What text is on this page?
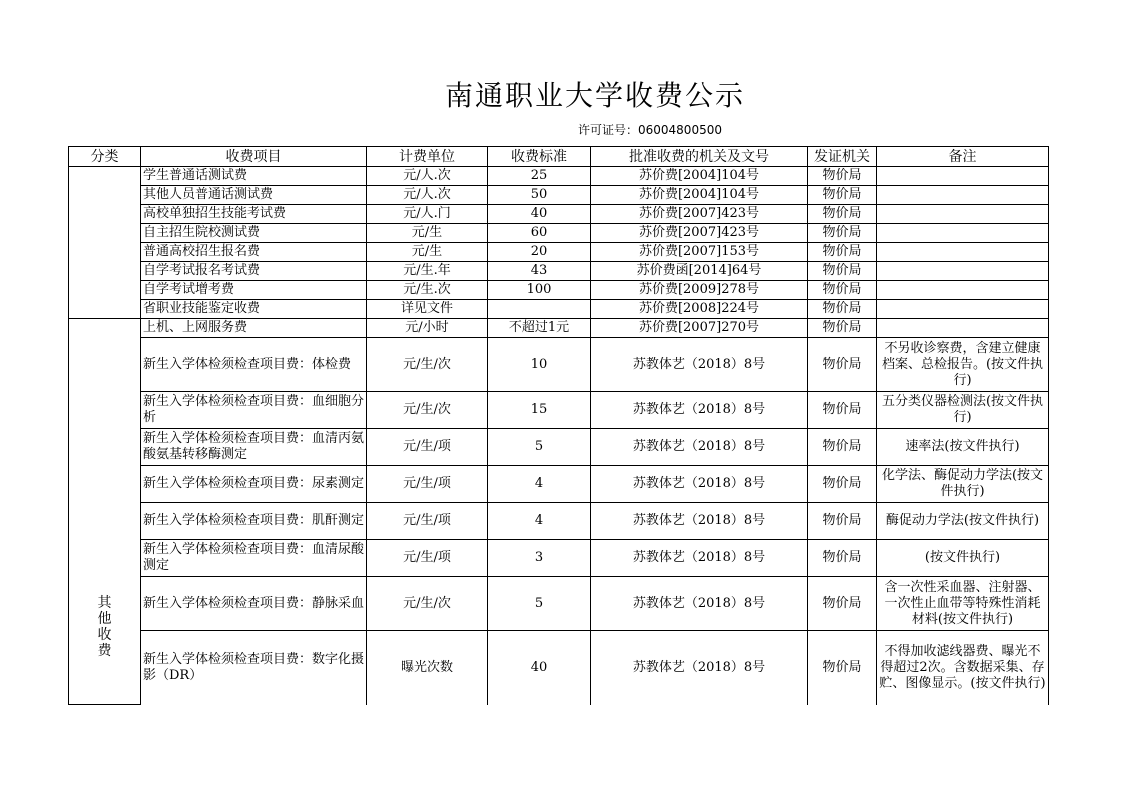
南通职业大学收费公示
许可证号：06004800500
分类	收费项目	计费单位	收费标准	批准收费的机关及文号	发证机关	备注
	学生普通话测试费	元/人.次	25	苏价费[2004]104号	物价局	
	其他人员普通话测试费	元/人.次	50	苏价费[2004]104号	物价局	
	高校单独招生技能考试费	元/人.门	40	苏价费[2007]423号	物价局	
	自主招生院校测试费	元/生	60	苏价费[2007]423号	物价局	
	普通高校招生报名费	元/生	20	苏价费[2007]153号	物价局	
	自学考试报名考试费	元/生.年	43	苏价费函[2014]64号	物价局	
	自学考试增考费	元/生.次	100	苏价费[2009]278号	物价局	
	省职业技能鉴定收费	详见文件		苏价费[2008]224号	物价局	

其他收费	上机、上网服务费	元/小时	不超过1元	苏价费[2007]270号	物价局	
	新生入学体检须检查项目费：体检费	元/生/次	10	苏教体艺（2018）8号	物价局	不另收诊察费，含建立健康档案、总检报告。(按文件执行)
	新生入学体检须检查项目费：血细胞分析	元/生/次	15	苏教体艺（2018）8号	物价局	五分类仪器检测法(按文件执行)
	新生入学体检须检查项目费：血清丙氨酸氨基转移酶测定	元/生/项	5	苏教体艺（2018）8号	物价局	速率法(按文件执行)
	新生入学体检须检查项目费：尿素测定	元/生/项	4	苏教体艺（2018）8号	物价局	化学法、酶促动力学法(按文件执行)
	新生入学体检须检查项目费：肌酐测定	元/生/项	4	苏教体艺（2018）8号	物价局	酶促动力学法(按文件执行)
	新生入学体检须检查项目费：血清尿酸测定	元/生/项	3	苏教体艺（2018）8号	物价局	(按文件执行)
	新生入学体检须检查项目费：静脉采血	元/生/次	5	苏教体艺（2018）8号	物价局	含一次性采血器、注射器、一次性止血带等特殊性消耗材料(按文件执行)
	新生入学体检须检查项目费：数字化摄影（DR）	曝光次数	40	苏教体艺（2018）8号	物价局	不得加收滤线器费、曝光不得超过2次。含数据采集、存贮、图像显示。(按文件执行)
